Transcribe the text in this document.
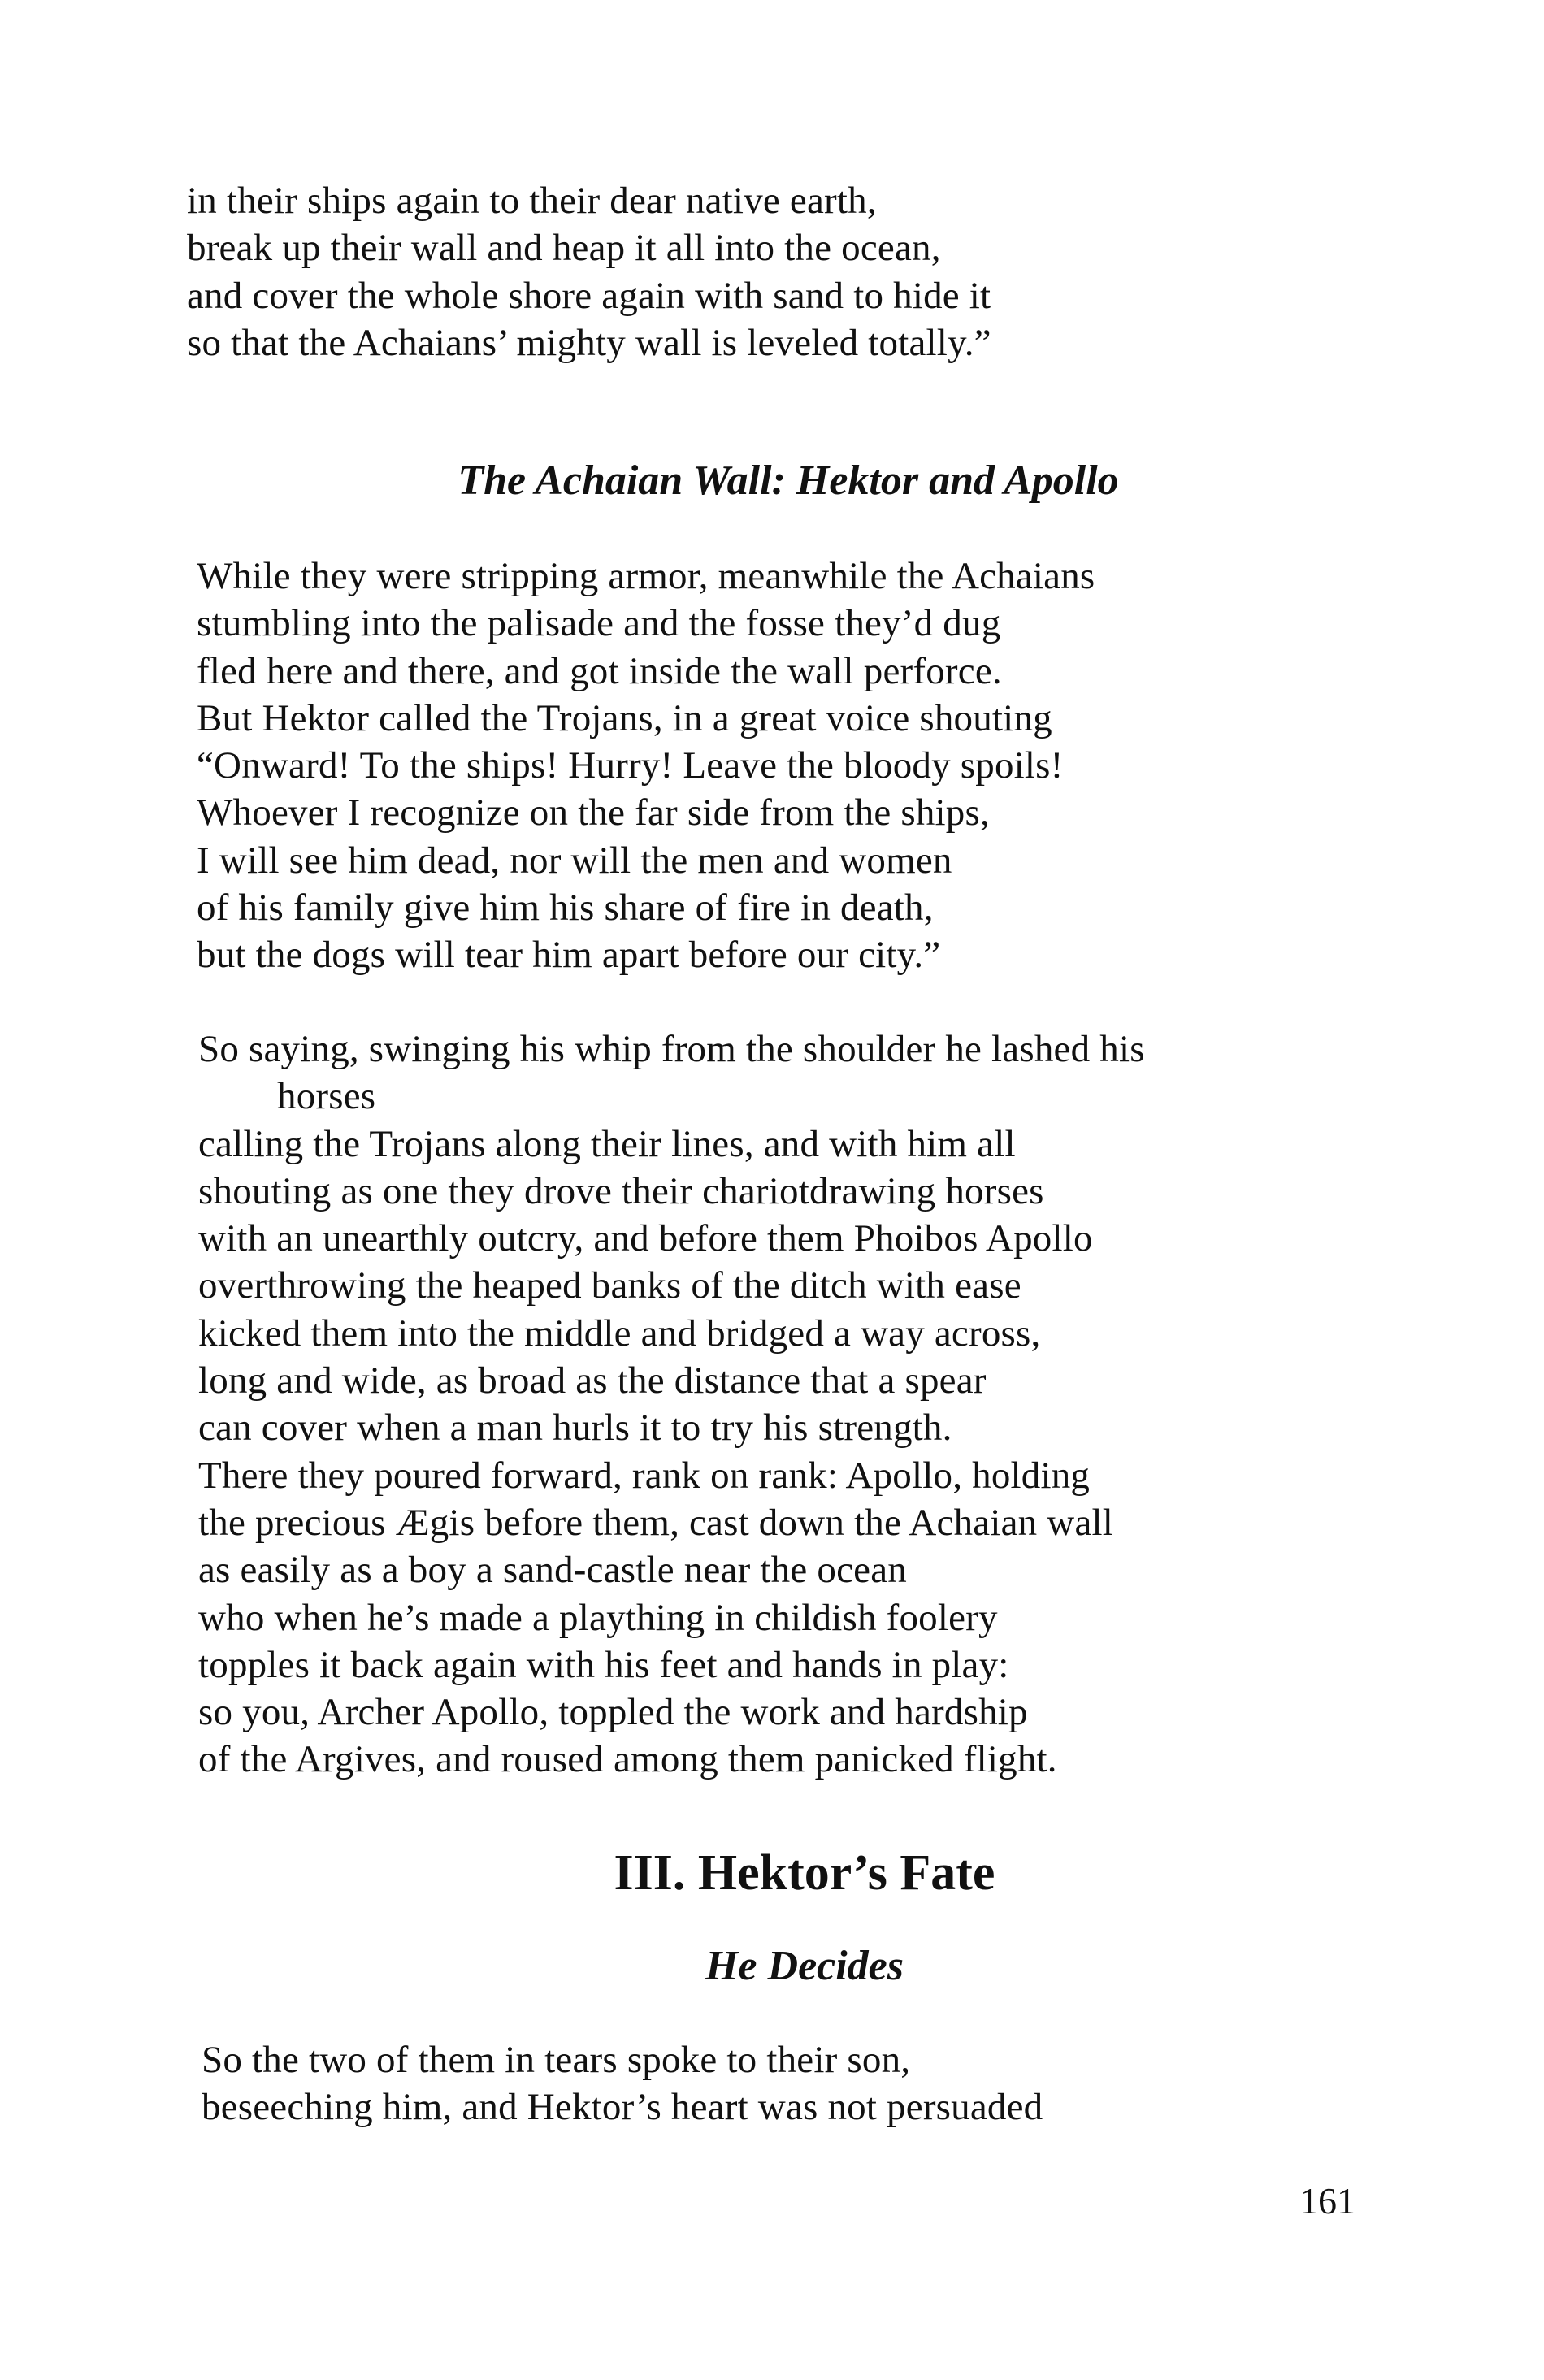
in their ships again to their dear native earth,
break up their wall and heap it all into the ocean,
and cover the whole shore again with sand to hide it
so that the Achaians’ mighty wall is leveled totally.”
The Achaian Wall: Hektor and Apollo
While they were stripping armor, meanwhile the Achaians
stumbling into the palisade and the fosse they’d dug
fled here and there, and got inside the wall perforce.
But Hektor called the Trojans, in a great voice shouting
“Onward! To the ships! Hurry! Leave the bloody spoils!
Whoever I recognize on the far side from the ships,
I will see him dead, nor will the men and women
of his family give him his share of fire in death,
but the dogs will tear him apart before our city.”
So saying, swinging his whip from the shoulder he lashed his
horses
calling the Trojans along their lines, and with him all
shouting as one they drove their chariotdrawing horses
with an unearthly outcry, and before them Phoibos Apollo
overthrowing the heaped banks of the ditch with ease
kicked them into the middle and bridged a way across,
long and wide, as broad as the distance that a spear
can cover when a man hurls it to try his strength.
There they poured forward, rank on rank: Apollo, holding
the precious Ægis before them, cast down the Achaian wall
as easily as a boy a sand-castle near the ocean
who when he’s made a plaything in childish foolery
topples it back again with his feet and hands in play:
so you, Archer Apollo, toppled the work and hardship
of the Argives, and roused among them panicked flight.
III. Hektor’s Fate
He Decides
So the two of them in tears spoke to their son,
beseeching him, and Hektor’s heart was not persuaded
161
